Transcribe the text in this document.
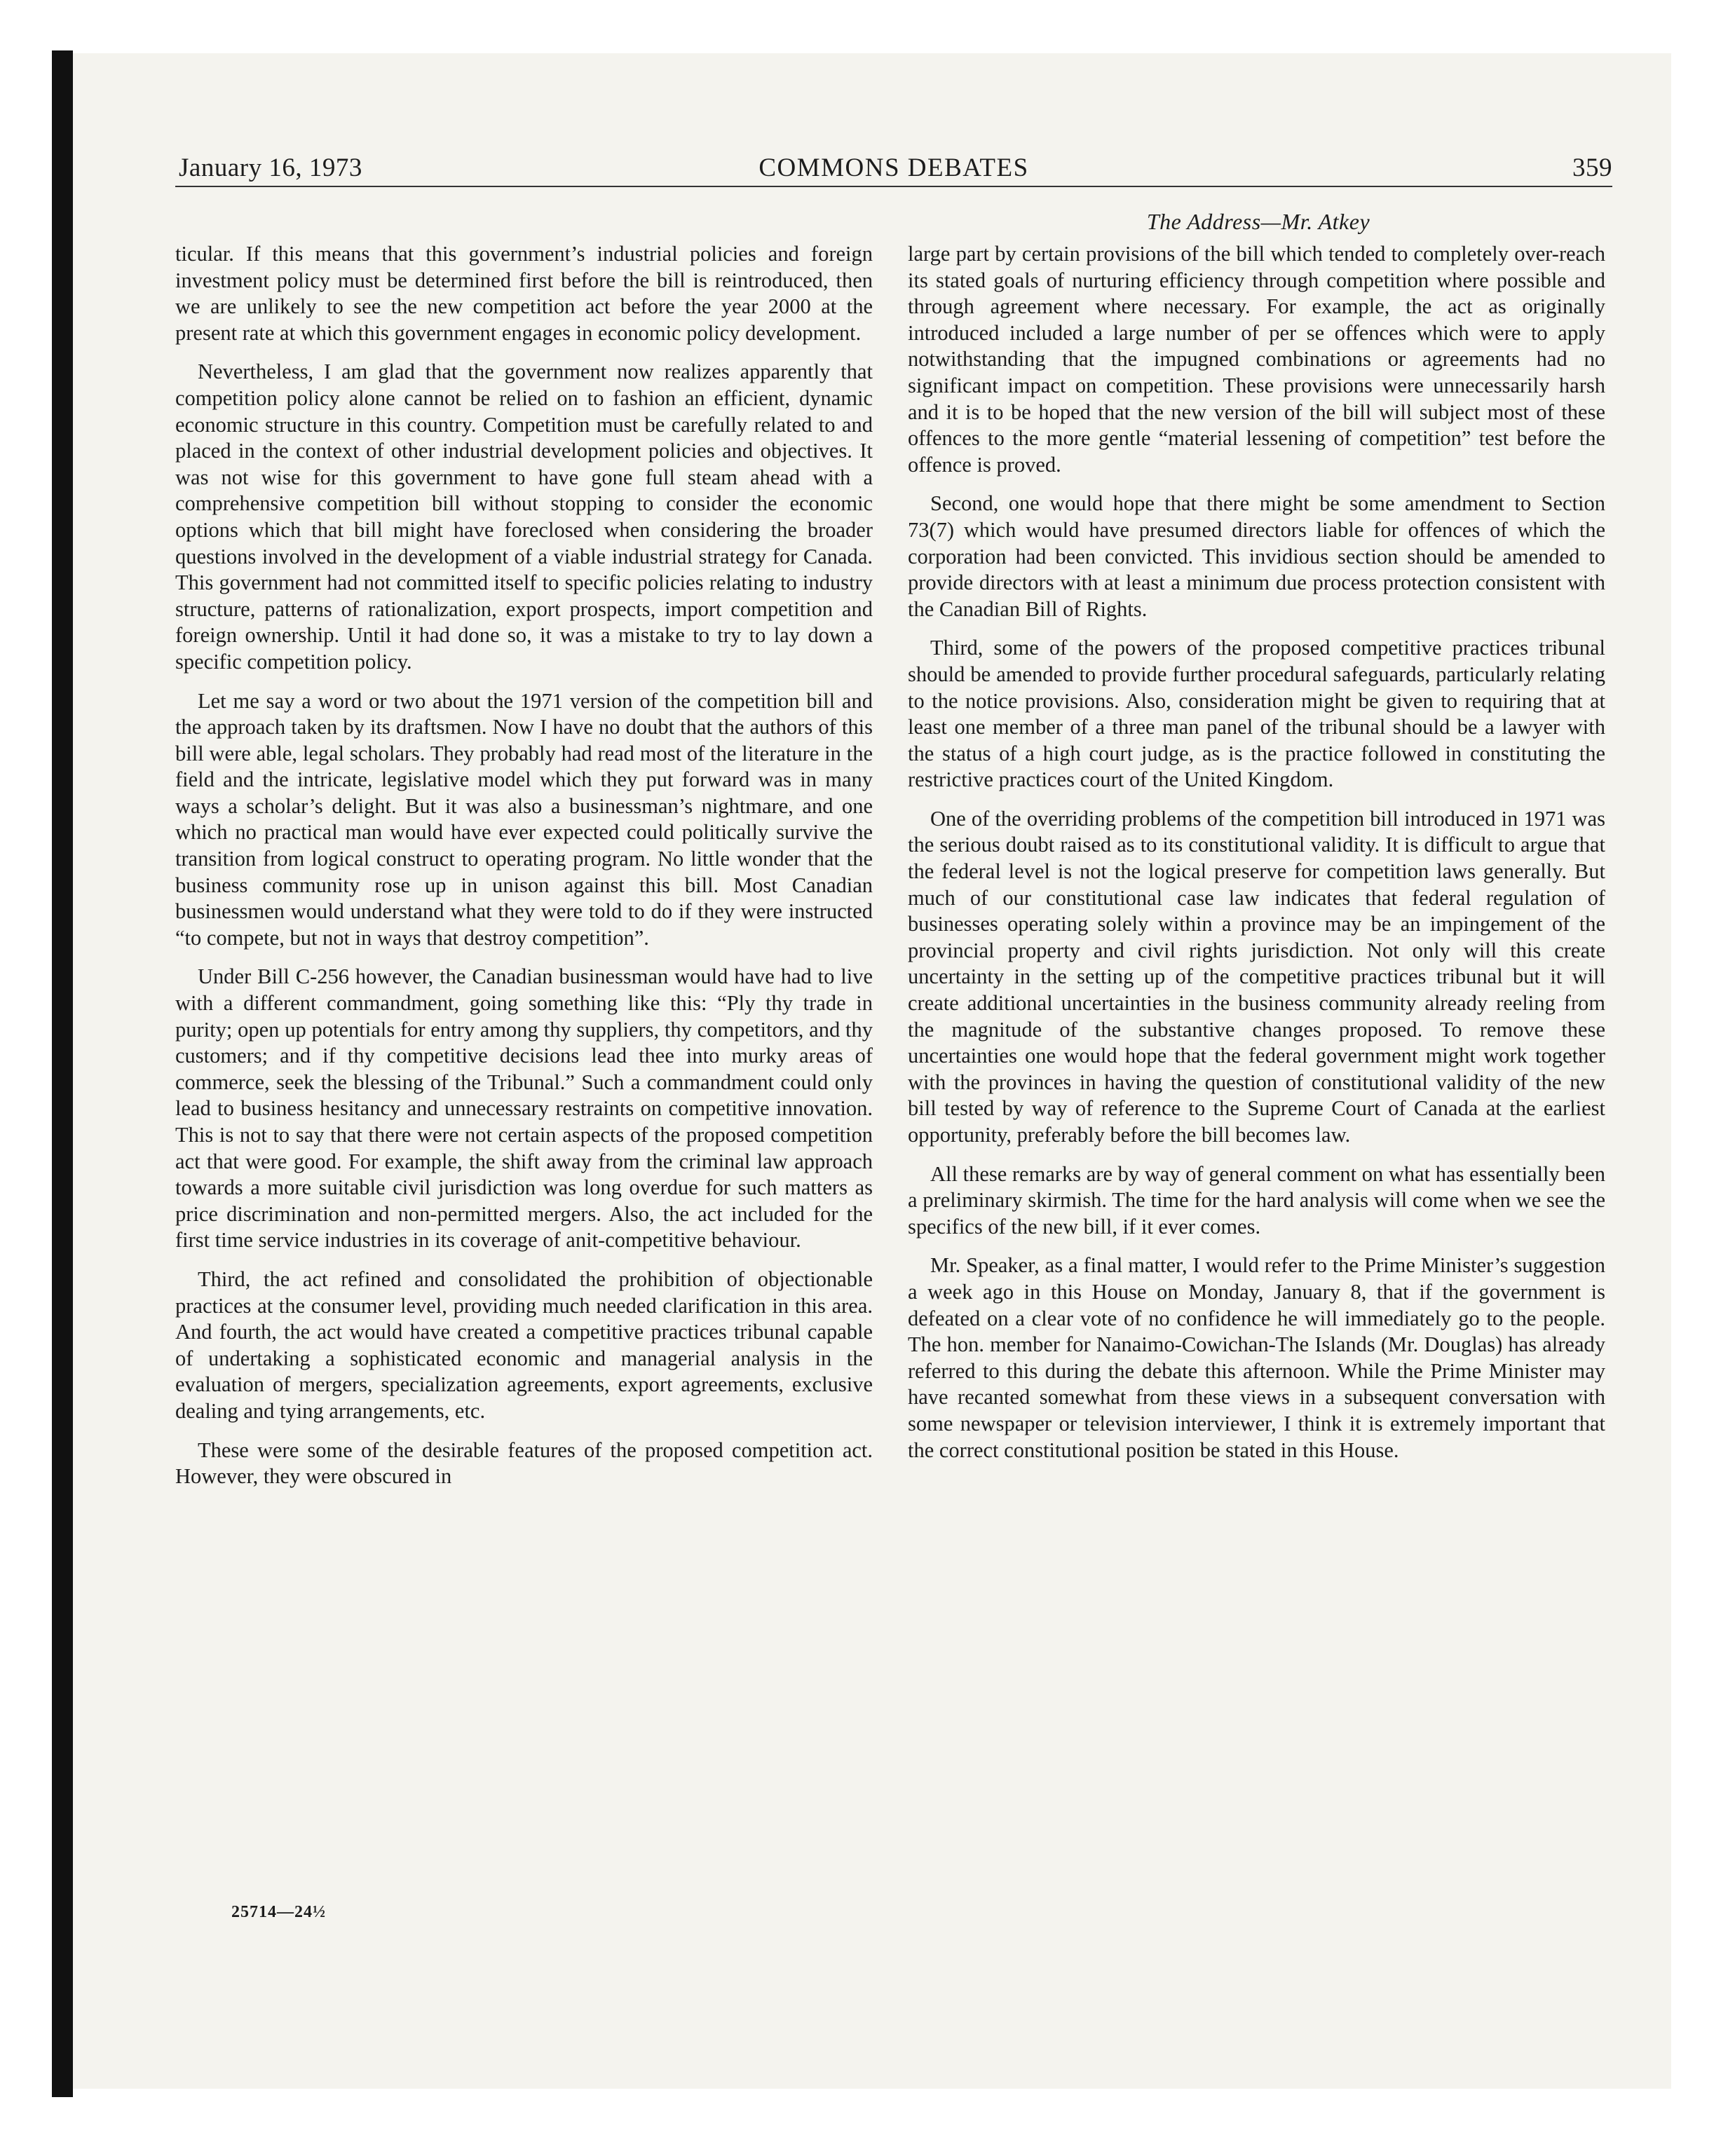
January 16, 1973	COMMONS DEBATES	359
The Address—Mr. Atkey

ticular. If this means that this government’s industrial policies and foreign investment policy must be determined first before the bill is reintroduced, then we are unlikely to see the new competition act before the year 2000 at the present rate at which this government engages in economic policy development.

Nevertheless, I am glad that the government now realizes apparently that competition policy alone cannot be relied on to fashion an efficient, dynamic economic structure in this country. Competition must be carefully related to and placed in the context of other industrial development policies and objectives. It was not wise for this government to have gone full steam ahead with a comprehensive competition bill without stopping to consider the economic options which that bill might have foreclosed when considering the broader questions involved in the development of a viable industrial strategy for Canada. This government had not committed itself to specific policies relating to industry structure, patterns of rationalization, export prospects, import competition and foreign ownership. Until it had done so, it was a mistake to try to lay down a specific competition policy.

Let me say a word or two about the 1971 version of the competition bill and the approach taken by its draftsmen. Now I have no doubt that the authors of this bill were able, legal scholars. They probably had read most of the literature in the field and the intricate, legislative model which they put forward was in many ways a scholar’s delight. But it was also a businessman’s nightmare, and one which no practical man would have ever expected could politically survive the transition from logical construct to operating program. No little wonder that the business community rose up in unison against this bill. Most Canadian businessmen would understand what they were told to do if they were instructed “to compete, but not in ways that destroy competition”.

Under Bill C-256 however, the Canadian businessman would have had to live with a different commandment, going something like this: “Ply thy trade in purity; open up potentials for entry among thy suppliers, thy competitors, and thy customers; and if thy competitive decisions lead thee into murky areas of commerce, seek the blessing of the Tribunal.” Such a commandment could only lead to business hesitancy and unnecessary restraints on competitive innovation. This is not to say that there were not certain aspects of the proposed competition act that were good. For example, the shift away from the criminal law approach towards a more suitable civil jurisdiction was long overdue for such matters as price discrimination and non-permitted mergers. Also, the act included for the first time service industries in its coverage of anit-competitive behaviour.

Third, the act refined and consolidated the prohibition of objectionable practices at the consumer level, providing much needed clarification in this area. And fourth, the act would have created a competitive practices tribunal capable of undertaking a sophisticated economic and managerial analysis in the evaluation of mergers, specialization agreements, export agreements, exclusive dealing and tying arrangements, etc.

These were some of the desirable features of the proposed competition act. However, they were obscured in

large part by certain provisions of the bill which tended to completely over-reach its stated goals of nurturing efficiency through competition where possible and through agreement where necessary. For example, the act as originally introduced included a large number of per se offences which were to apply notwithstanding that the impugned combinations or agreements had no significant impact on competition. These provisions were unnecessarily harsh and it is to be hoped that the new version of the bill will subject most of these offences to the more gentle “material lessening of competition” test before the offence is proved.

Second, one would hope that there might be some amendment to Section 73(7) which would have presumed directors liable for offences of which the corporation had been convicted. This invidious section should be amended to provide directors with at least a minimum due process protection consistent with the Canadian Bill of Rights.

Third, some of the powers of the proposed competitive practices tribunal should be amended to provide further procedural safeguards, particularly relating to the notice provisions. Also, consideration might be given to requiring that at least one member of a three man panel of the tribunal should be a lawyer with the status of a high court judge, as is the practice followed in constituting the restrictive practices court of the United Kingdom.

One of the overriding problems of the competition bill introduced in 1971 was the serious doubt raised as to its constitutional validity. It is difficult to argue that the federal level is not the logical preserve for competition laws generally. But much of our constitutional case law indicates that federal regulation of businesses operating solely within a province may be an impingement of the provincial property and civil rights jurisdiction. Not only will this create uncertainty in the setting up of the competitive practices tribunal but it will create additional uncertainties in the business community already reeling from the magnitude of the substantive changes proposed. To remove these uncertainties one would hope that the federal government might work together with the provinces in having the question of constitutional validity of the new bill tested by way of reference to the Supreme Court of Canada at the earliest opportunity, preferably before the bill becomes law.

All these remarks are by way of general comment on what has essentially been a preliminary skirmish. The time for the hard analysis will come when we see the specifics of the new bill, if it ever comes.

Mr. Speaker, as a final matter, I would refer to the Prime Minister’s suggestion a week ago in this House on Monday, January 8, that if the government is defeated on a clear vote of no confidence he will immediately go to the people. The hon. member for Nanaimo-Cowichan-The Islands (Mr. Douglas) has already referred to this during the debate this afternoon. While the Prime Minister may have recanted somewhat from these views in a subsequent conversation with some newspaper or television interviewer, I think it is extremely important that the correct constitutional position be stated in this House.

25714—24½
